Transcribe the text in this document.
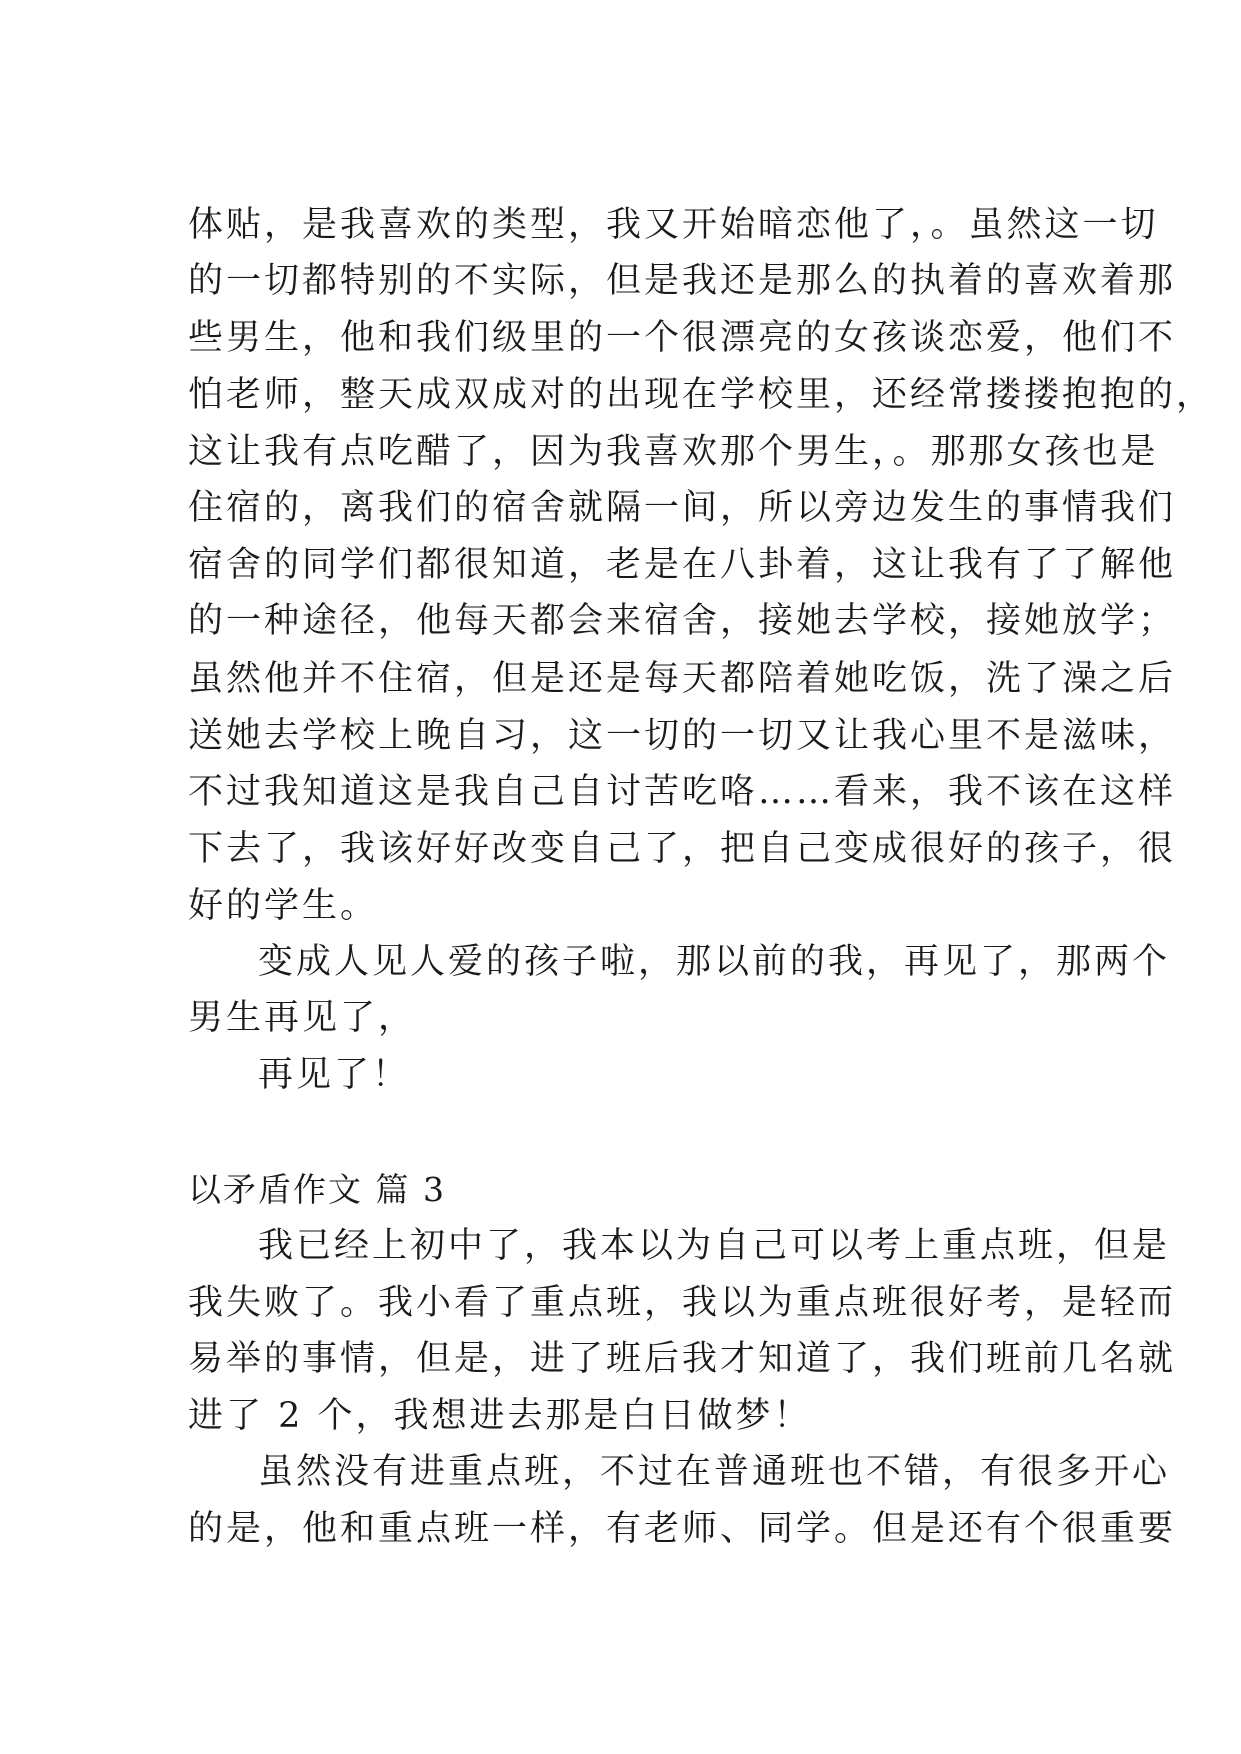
体贴，是我喜欢的类型，我又开始暗恋他了，。虽然这一切
的一切都特别的不实际，但是我还是那么的执着的喜欢着那
些男生，他和我们级里的一个很漂亮的女孩谈恋爱，他们不
怕老师，整天成双成对的出现在学校里，还经常搂搂抱抱的，
这让我有点吃醋了，因为我喜欢那个男生，。那那女孩也是
住宿的，离我们的宿舍就隔一间，所以旁边发生的事情我们
宿舍的同学们都很知道，老是在八卦着，这让我有了了解他
的一种途径，他每天都会来宿舍，接她去学校，接她放学；
虽然他并不住宿，但是还是每天都陪着她吃饭，洗了澡之后
送她去学校上晚自习，这一切的一切又让我心里不是滋味，
不过我知道这是我自己自讨苦吃咯……看来，我不该在这样
下去了，我该好好改变自己了，把自己变成很好的孩子，很
好的学生。
变成人见人爱的孩子啦，那以前的我，再见了，那两个
男生再见了，
再见了！
以矛盾作文 篇 3
我已经上初中了，我本以为自己可以考上重点班，但是
我失败了。我小看了重点班，我以为重点班很好考，是轻而
易举的事情，但是，进了班后我才知道了，我们班前几名就
进了 2 个，我想进去那是白日做梦！
虽然没有进重点班，不过在普通班也不错，有很多开心
的是，他和重点班一样，有老师、同学。但是还有个很重要
